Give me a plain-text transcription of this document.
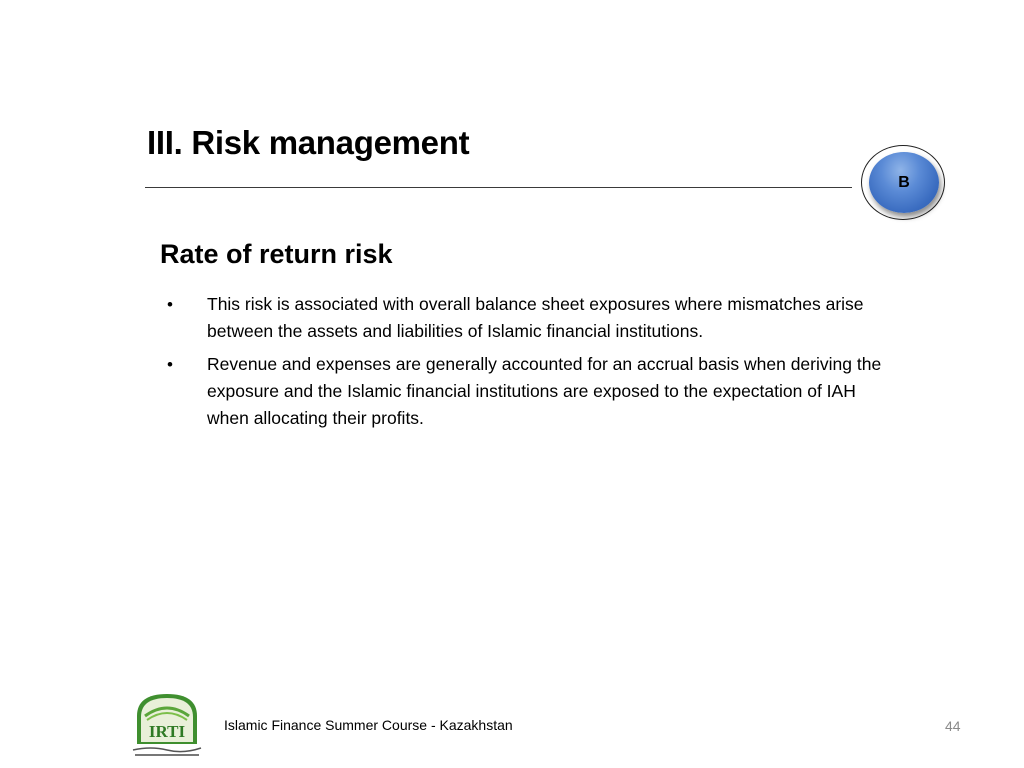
III. Risk management
B
Rate of return risk
• This risk is associated with overall balance sheet exposures where mismatches arise between the assets and liabilities of Islamic financial institutions.
• Revenue and expenses are generally accounted for an accrual basis when deriving the exposure and the Islamic financial institutions are exposed to the expectation of IAH when allocating their profits.
IRTI	Islamic Finance Summer Course - Kazakhstan	44
